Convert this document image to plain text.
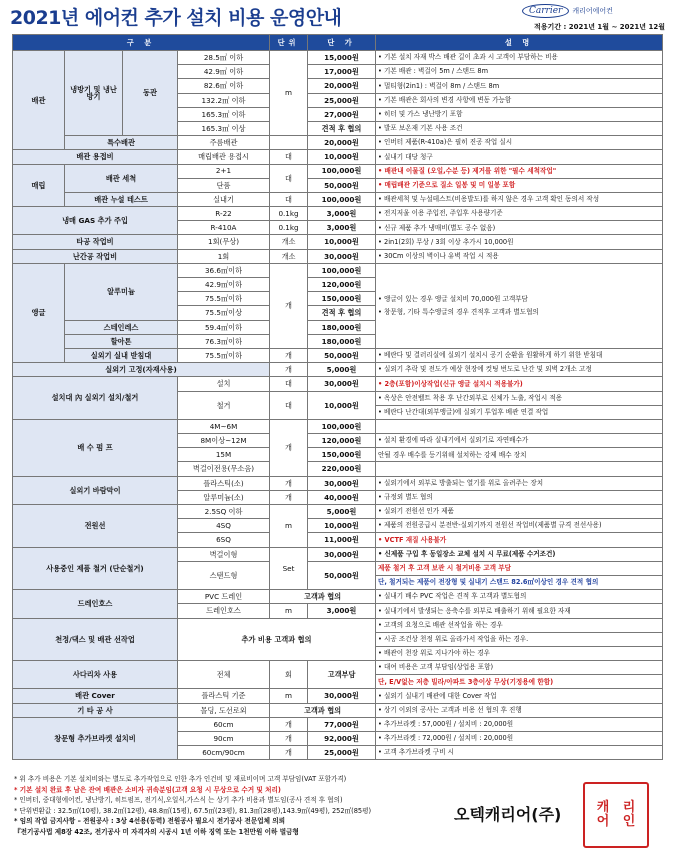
2021년 에어컨 추가 설치 비용 운영안내	Carrier	캐리어에어컨
적용기간 : 2021년 1월 ~ 2021년 12월
구 분				단위	단 가	설 명
배관	냉방기 및 냉난방기	동관	28.5㎡ 이하	m	15,000원	• 기본 설치 자재 박스 배관 길이 초과 시 고객이 부담하는 비용
			42.9㎡ 이하		17,000원	• 기본 배관 : 벽걸이 5m / 스탠드 8m
			82.6㎡ 이하		20,000원	• 멀티형(2in1) : 벽걸이 8m / 스탠드 8m
			132.2㎡ 이하		25,000원	• 기본 배관은 회사의 변경 사항에 변동 가능함
			165.3㎡ 이하		27,000원	• 히터 및 가스 냉난방기 포함
			165.3㎡ 이상		견적 후 협의	• 발포 보온재 기본 사용 조건
	특수배관		주름배관		20,000원	• 인버터 제품(R-410a)은 필히 진공 작업 실시
배관 용접비			매립배관 용접시	대	10,000원	• 실내기 대당 청구
매립	배관 세척		2+1	대	100,000원	• 배관내 이물질 (오일,수분 등) 제거를 위한 "필수 세척작업"
			단품		50,000원	• 매립배관 기준으로 질소 일봉 및 미 일봉 포함
	배관 누설 테스트		실내기	대	100,000원	• 배관세척 및 누설테스트(비용발도)를 하지 않은 경우 고객 확인 동의서 작성
냉매 GAS 추가 주입			R-22	0.1kg	3,000원	• 전지저울 이용 주입전, 주입후 사용량기준
			R-410A	0.1kg	3,000원	• 신규 제품 추가 냉매비(별도 공수 없음)
타공 작업비			1회(무상)	개소	10,000원	• 2in1(2회) 무상 / 3회 이상 추가시 10,000원
난간공 작업비			1회	개소	30,000원	• 30Cm 이상의 벽이나 유벽 작업 시 적용
앵글	알루미늄		36.6㎡이하	개	100,000원	• 앵글이 있는 경우 앵글 설치비 70,000원 고객부담
• 창문형, 기타 특수앵글의 경우 견적후 고객과 별도협의

			42.9㎡이하		120,000원	
			75.5㎡이하		150,000원	
			75.5㎡이상		견적 후 협의	
	스테인레스		59.4㎡이하		180,000원	
	할아톤		76.3㎡이하		180,000원	
	실외기 실내 받침대		75.5㎡이하	개	50,000원	• 베란다 및 결러리실에 실외기 설치시 공기 순환을 원활하게 하기 위한 받침대
실외기 고정(자재사용)				개	5,000원	• 실외기 추락 및 전도가 예상 현장에 컷팅 번도로 난간 및 외벽 2개소 고정
설치대 內 실외기 설치/철거			설치	대	30,000원	• 2층(포함)이상작업(신규 앵글 설치시 적용불가)
			철거	대	10,000원	• 옥상은 안전벨트 착용 후 난간외부로 신체가 노출, 작업시 적용
						• 베란다 난간대(외부앵글)에 실외기 투업후 베관 연결 작업
배 수 펌 프			4M~6M	개	100,000원	
			8M이상~12M		120,000원	• 설치 환경에 따라 실내기에서 실외기로 자연배수가
			15M		150,000원	안될 경우 배수를 등기위해 설치하는 강제 배수 장치
			벽걸이전용(무소음)		220,000원	
실외기 바람막이			플라스틱(소)	개	30,000원	• 실외기에서 외부로 방출되는 열기를 위로 올려주는 장치
			알루미늄(소)	개	40,000원	• 규정외 별도 협의
전원선			2.5SQ 이하	m	5,000원	• 실외기 전원선 인가 제품
			4SQ		10,000원	• 제품의 전원공급시 분전반-실외기까지 전원선 작업비(제품별 규격 전선사용)
			6SQ		11,000원	• VCTF 재질 사용불가
사용중인 제품 철거 (단순철거)			벽걸이형	Set	30,000원	• 신제품 구입 후 동일장소 교체 설치 시 무료(제품 수거조건)
			스탠드형		50,000원	제품 철거 후 고객 보관 시 철거비용 고객 부담
						단, 철거되는 제품이 전장형 및 실내기 스탠드 82.6㎡이상인 경우 견적 협의
드레인호스			PVC 드레인	고객과 협의		• 실내기 배수 PVC 작업은 견적 후 고객과 별도협의
			드레인호스	m	3,000원	• 실내기에서 발생되는 응축수를 외부로 배출하기 위해 필요한 자재
천정/댁스 및 배관 선작업			추가 비용 고객과 협의			• 고객의 요청으로 배관 선작업을 하는 경우
						• 시공 조건상 천정 위로 올라가서 작업을 하는 경우.
						• 배관이 천장 위로 지나가야 하는 경우
사다리차 사용			전체	회	고객부담	• 대여 비용은 고객 부담임(상업용 포함)
						단, E/V없는 저층 빌라/아파트 3층이상 무상(기정용에 한함)
배관 Cover			플라스틱 기준	m	30,000원	• 실외기 실내기 배관에 대한 Cover 작업
기 타 공 사			몰딩, 도선로외	고객과 협의		• 상기 이외의 공사는 고객과 비용 선 협의 후 진행
창문형 추가브라켓 설치비			60cm	개	77,000원	• 추가브라켓 : 57,000원 / 설치비 : 20,000원
			90cm	개	92,000원	• 추가브라켓 : 72,000원 / 설치비 : 20,000원
			60cm/90cm	개	25,000원	• 고객 추가브라켓 구비 시
* 위 추가 비용은 기본 설치비와는 별도로 추가작업으로 인한 추가 인건비 및 재료비이며 고객 부담임(VAT 포함가격)
* 기본 설치 완료 후 남은 잔여 배관은 소비자 귀속분임(고객 요청 시 무상으로 수거 및 처리)
* 인버터, 중대형에어컨, 냉난방기, 히트펌프, 전기식,오일식,가스식 는 상기 추가 비용과 별도임(공사 견적 후 협의)
* 단위변환값 : 32.5㎡(10평), 38.2㎡(12평), 48.8㎡(15평), 67.5㎡(23평), 81.3㎡(28평),143.9㎡(49평), 252㎡(85평)
* 임의 작업 금지사항 – 전원공사 : 3상 4선용(동력) 전원공사 필요시 전기공사 전문업체 의뢰
『전기공사법 제8장 42조, 전기공사 미 자격자의 시공시 1년 이하 징역 또는 1천만원 이하 벌금형
오텍캐리어(주)	캐	리
어	인
